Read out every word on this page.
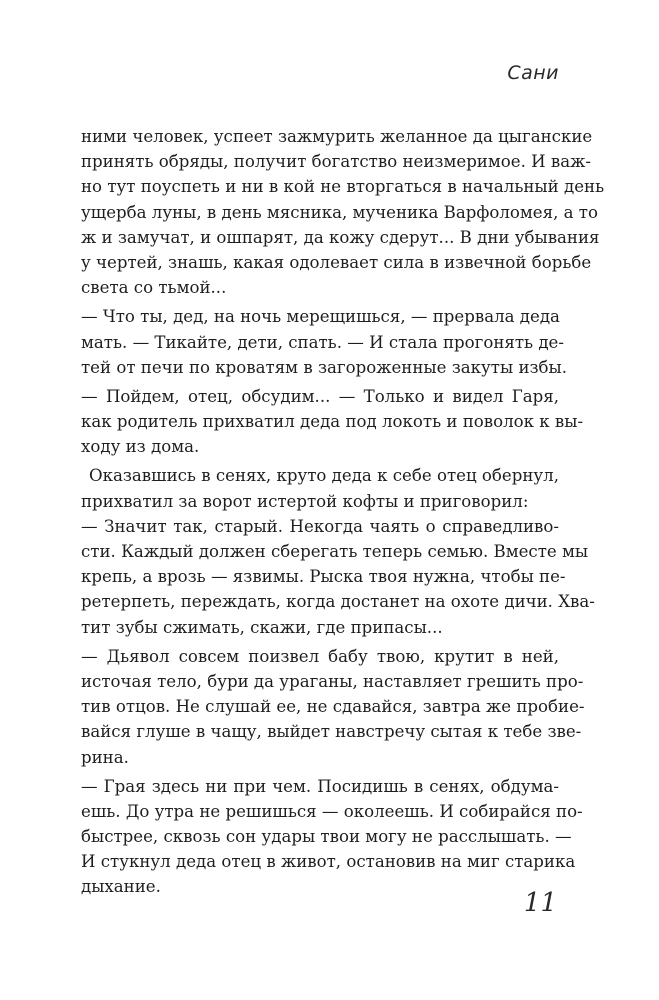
Сани
ними человек, успеет зажмурить желанное да цыганские
принять обряды, получит богатство неизмеримое. И важ-
но тут поуспеть и ни в кой не вторгаться в начальный день
ущерба луны, в день мясника, мученика Варфоломея, а то
ж и замучат, и ошпарят, да кожу сдерут... В дни убывания
у чертей, знашь, какая одолевает сила в извечной борьбе
света со тьмой...
— Что ты, дед, на ночь мерещишься, — прервала деда
мать. — Тикайте, дети, спать. — И стала прогонять де-
тей от печи по кроватям в загороженные закуты избы.
— Пойдем, отец, обсудим... — Только и видел Гаря,
как родитель прихватил деда под локоть и поволок к вы-
ходу из дома.
Оказавшись в сенях, круто деда к себе отец обернул,
прихватил за ворот истертой кофты и приговорил:
— Значит так, старый. Некогда чаять о справедливо-
сти. Каждый должен сберегать теперь семью. Вместе мы
крепь, а врозь — язвимы. Рыска твоя нужна, чтобы пе-
ретерпеть, переждать, когда достанет на охоте дичи. Хва-
тит зубы сжимать, скажи, где припасы...
— Дьявол совсем поизвел бабу твою, крутит в ней,
источая тело, бури да ураганы, наставляет грешить про-
тив отцов. Не слушай ее, не сдавайся, завтра же пробие-
вайся глуше в чащу, выйдет навстречу сытая к тебе зве-
рина.
— Грая здесь ни при чем. Посидишь в сенях, обдума-
ешь. До утра не решишься — околеешь. И собирайся по-
быстрее, сквозь сон удары твои могу не расслышать. —
И стукнул деда отец в живот, остановив на миг старика
дыхание.
11
